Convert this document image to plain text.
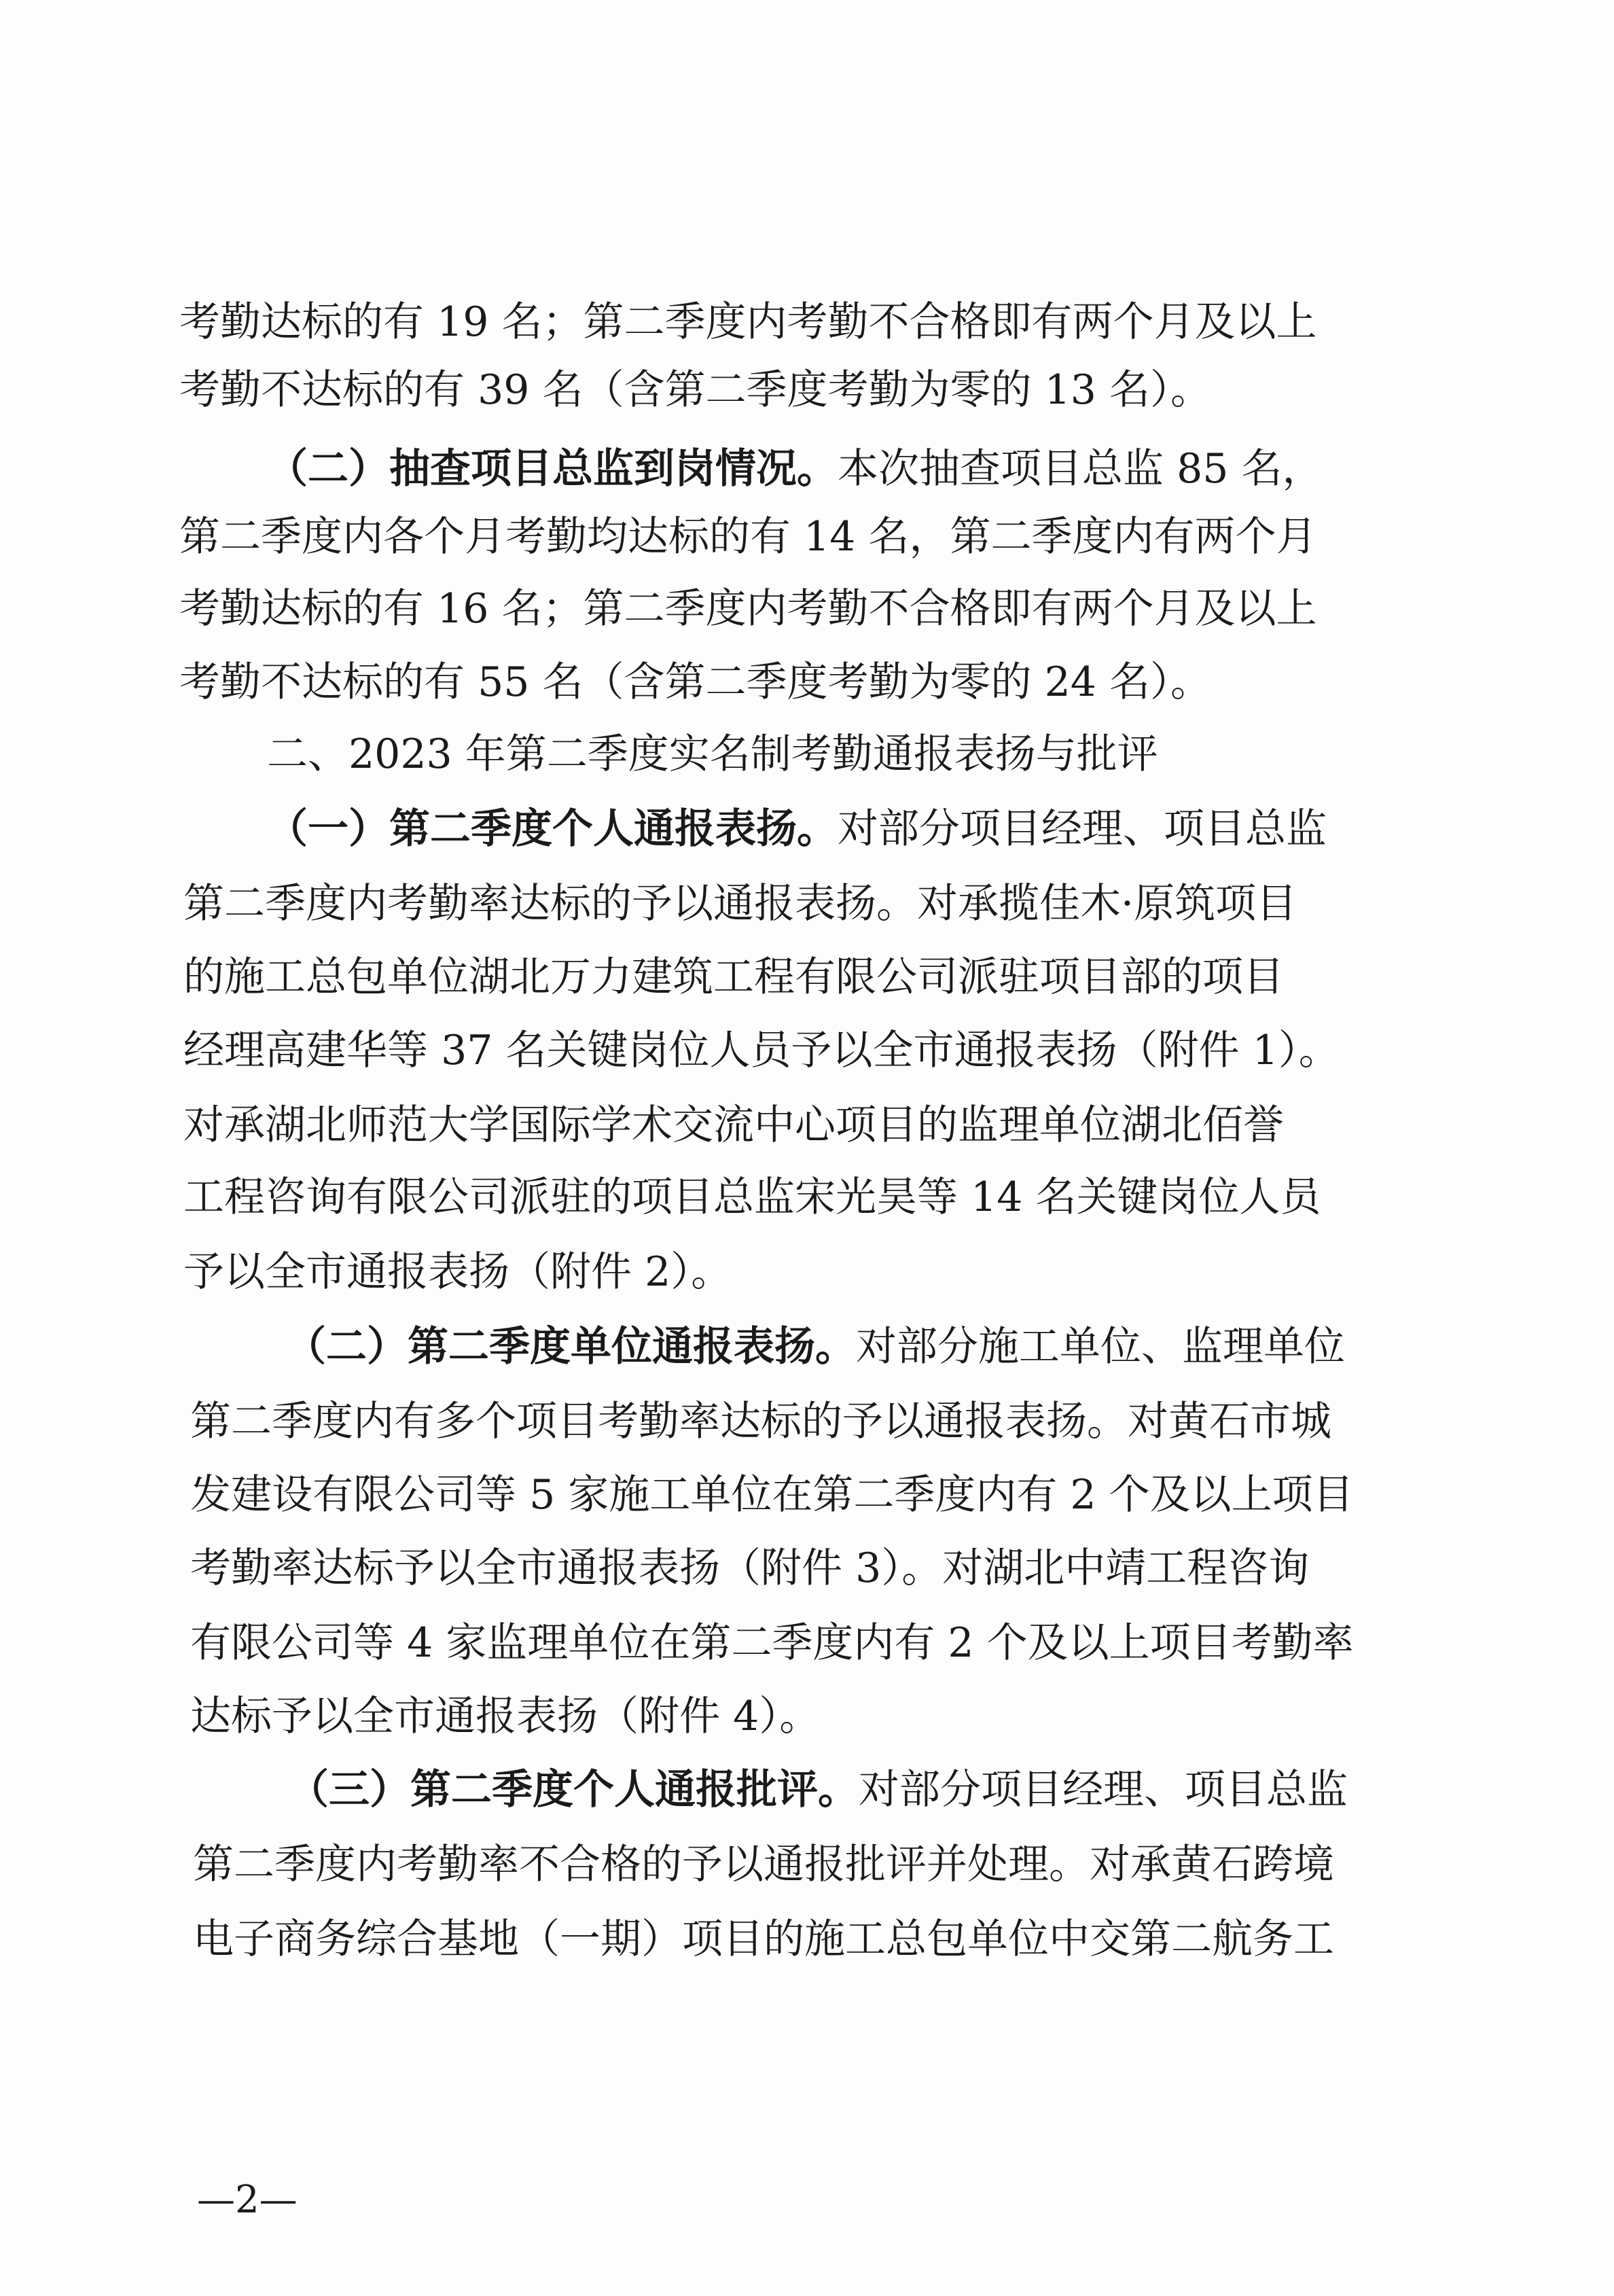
考勤达标的有 19 名；第二季度内考勤不合格即有两个月及以上
考勤不达标的有 39 名（含第二季度考勤为零的 13 名）。
（二）抽查项目总监到岗情况。本次抽查项目总监 85 名，
第二季度内各个月考勤均达标的有 14 名，第二季度内有两个月
考勤达标的有 16 名；第二季度内考勤不合格即有两个月及以上
考勤不达标的有 55 名（含第二季度考勤为零的 24 名）。
二、2023 年第二季度实名制考勤通报表扬与批评
（一）第二季度个人通报表扬。对部分项目经理、项目总监
第二季度内考勤率达标的予以通报表扬。对承揽佳木·原筑项目
的施工总包单位湖北万力建筑工程有限公司派驻项目部的项目
经理高建华等 37 名关键岗位人员予以全市通报表扬（附件 1）。
对承湖北师范大学国际学术交流中心项目的监理单位湖北佰誉
工程咨询有限公司派驻的项目总监宋光昊等 14 名关键岗位人员
予以全市通报表扬（附件 2）。
（二）第二季度单位通报表扬。对部分施工单位、监理单位
第二季度内有多个项目考勤率达标的予以通报表扬。对黄石市城
发建设有限公司等 5 家施工单位在第二季度内有 2 个及以上项目
考勤率达标予以全市通报表扬（附件 3）。对湖北中靖工程咨询
有限公司等 4 家监理单位在第二季度内有 2 个及以上项目考勤率
达标予以全市通报表扬（附件 4）。
（三）第二季度个人通报批评。对部分项目经理、项目总监
第二季度内考勤率不合格的予以通报批评并处理。对承黄石跨境
电子商务综合基地（一期）项目的施工总包单位中交第二航务工
—2—
